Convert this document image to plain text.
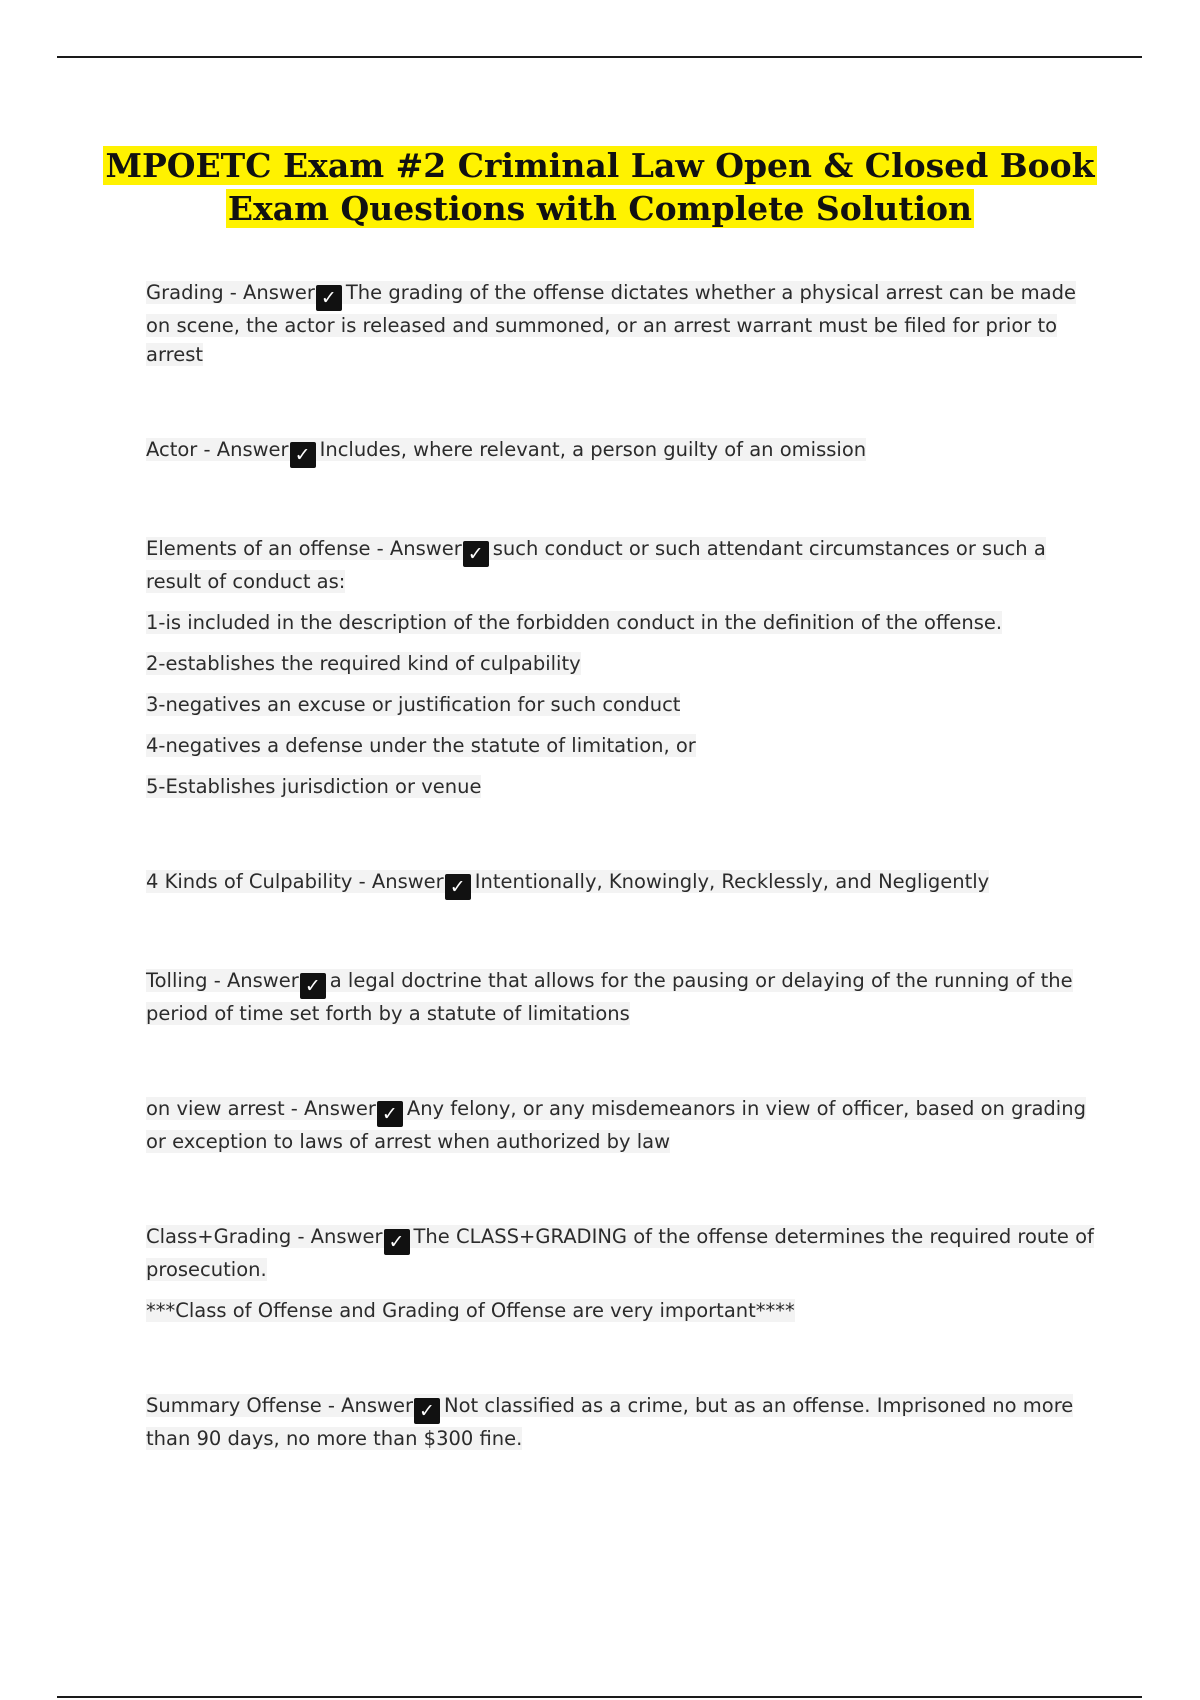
MPOETC Exam #2 Criminal Law Open & Closed Book
Exam Questions with Complete Solution

Grading - Answer ✓ The grading of the offense dictates whether a physical arrest can be made on scene, the actor is released and summoned, or an arrest warrant must be filed for prior to arrest

Actor - Answer ✓ Includes, where relevant, a person guilty of an omission

Elements of an offense - Answer ✓ such conduct or such attendant circumstances or such a result of conduct as:

1-is included in the description of the forbidden conduct in the definition of the offense.

2-establishes the required kind of culpability

3-negatives an excuse or justification for such conduct

4-negatives a defense under the statute of limitation, or

5-Establishes jurisdiction or venue

4 Kinds of Culpability - Answer ✓ Intentionally, Knowingly, Recklessly, and Negligently

Tolling - Answer ✓ a legal doctrine that allows for the pausing or delaying of the running of the period of time set forth by a statute of limitations

on view arrest - Answer ✓ Any felony, or any misdemeanors in view of officer, based on grading or exception to laws of arrest when authorized by law

Class+Grading - Answer ✓ The CLASS+GRADING of the offense determines the required route of prosecution.

***Class of Offense and Grading of Offense are very important****

Summary Offense - Answer ✓ Not classified as a crime, but as an offense. Imprisoned no more than 90 days, no more than $300 fine.
